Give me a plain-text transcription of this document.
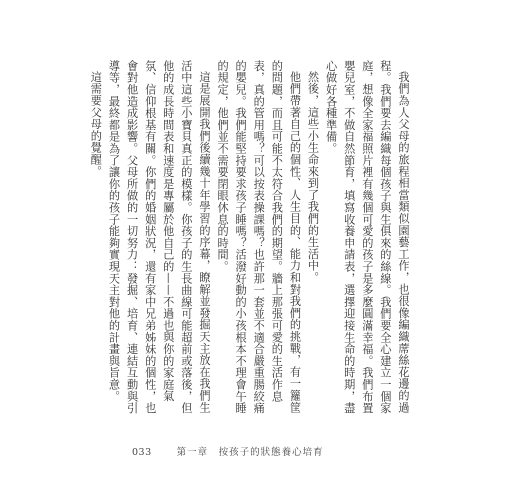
我們為人父母的旅程相當類似園藝工作，也很像編織蓆絲花邊的過程。我們要去編織每個孩子與生俱來的絲線。我們要全心建立一個家庭，想像全家福照片裡有幾個可愛的孩子是多麼圓滿幸福。我們布置嬰兒室，不做自然節育，填寫收養申請表，選擇迎接生命的時期，盡心做好各種準備。

然後，這些小生命來到了我們的生活中。

他們帶著自己的個性、人生目的、能力和對我們的挑戰，有一籮筐的問題，而且可能不太符合我們的期望。牆上那張可愛的生活作息表，真的管用嗎？可以按表操課嗎？也許那一套並不適合嚴重腸絞痛的嬰兒。我們能堅持要求孩子睡嗎？活潑好動的小孩根本不理會午睡的規定，他們並不需要閉眼休息的時間。

這是展開我們後續幾十年學習的序幕，瞭解並發掘天主放在我們生活中這些小寶貝真正的模樣。你孩子的生長曲線可能超前或落後，但他的成長時間表和速度是專屬於他自己的——不過也與你的家庭氣氛、信仰根基有關。你們的婚姻狀況，還有家中兄弟姊妹的個性，也會對他造成影響。父母所做的一切努力：發掘、培育、連結互動與引導等，最終都是為了讓你的孩子能夠實現天主對他的計畫與旨意。

這需要父母的覺醒。

033	第一章　按孩子的狀態養心培育
